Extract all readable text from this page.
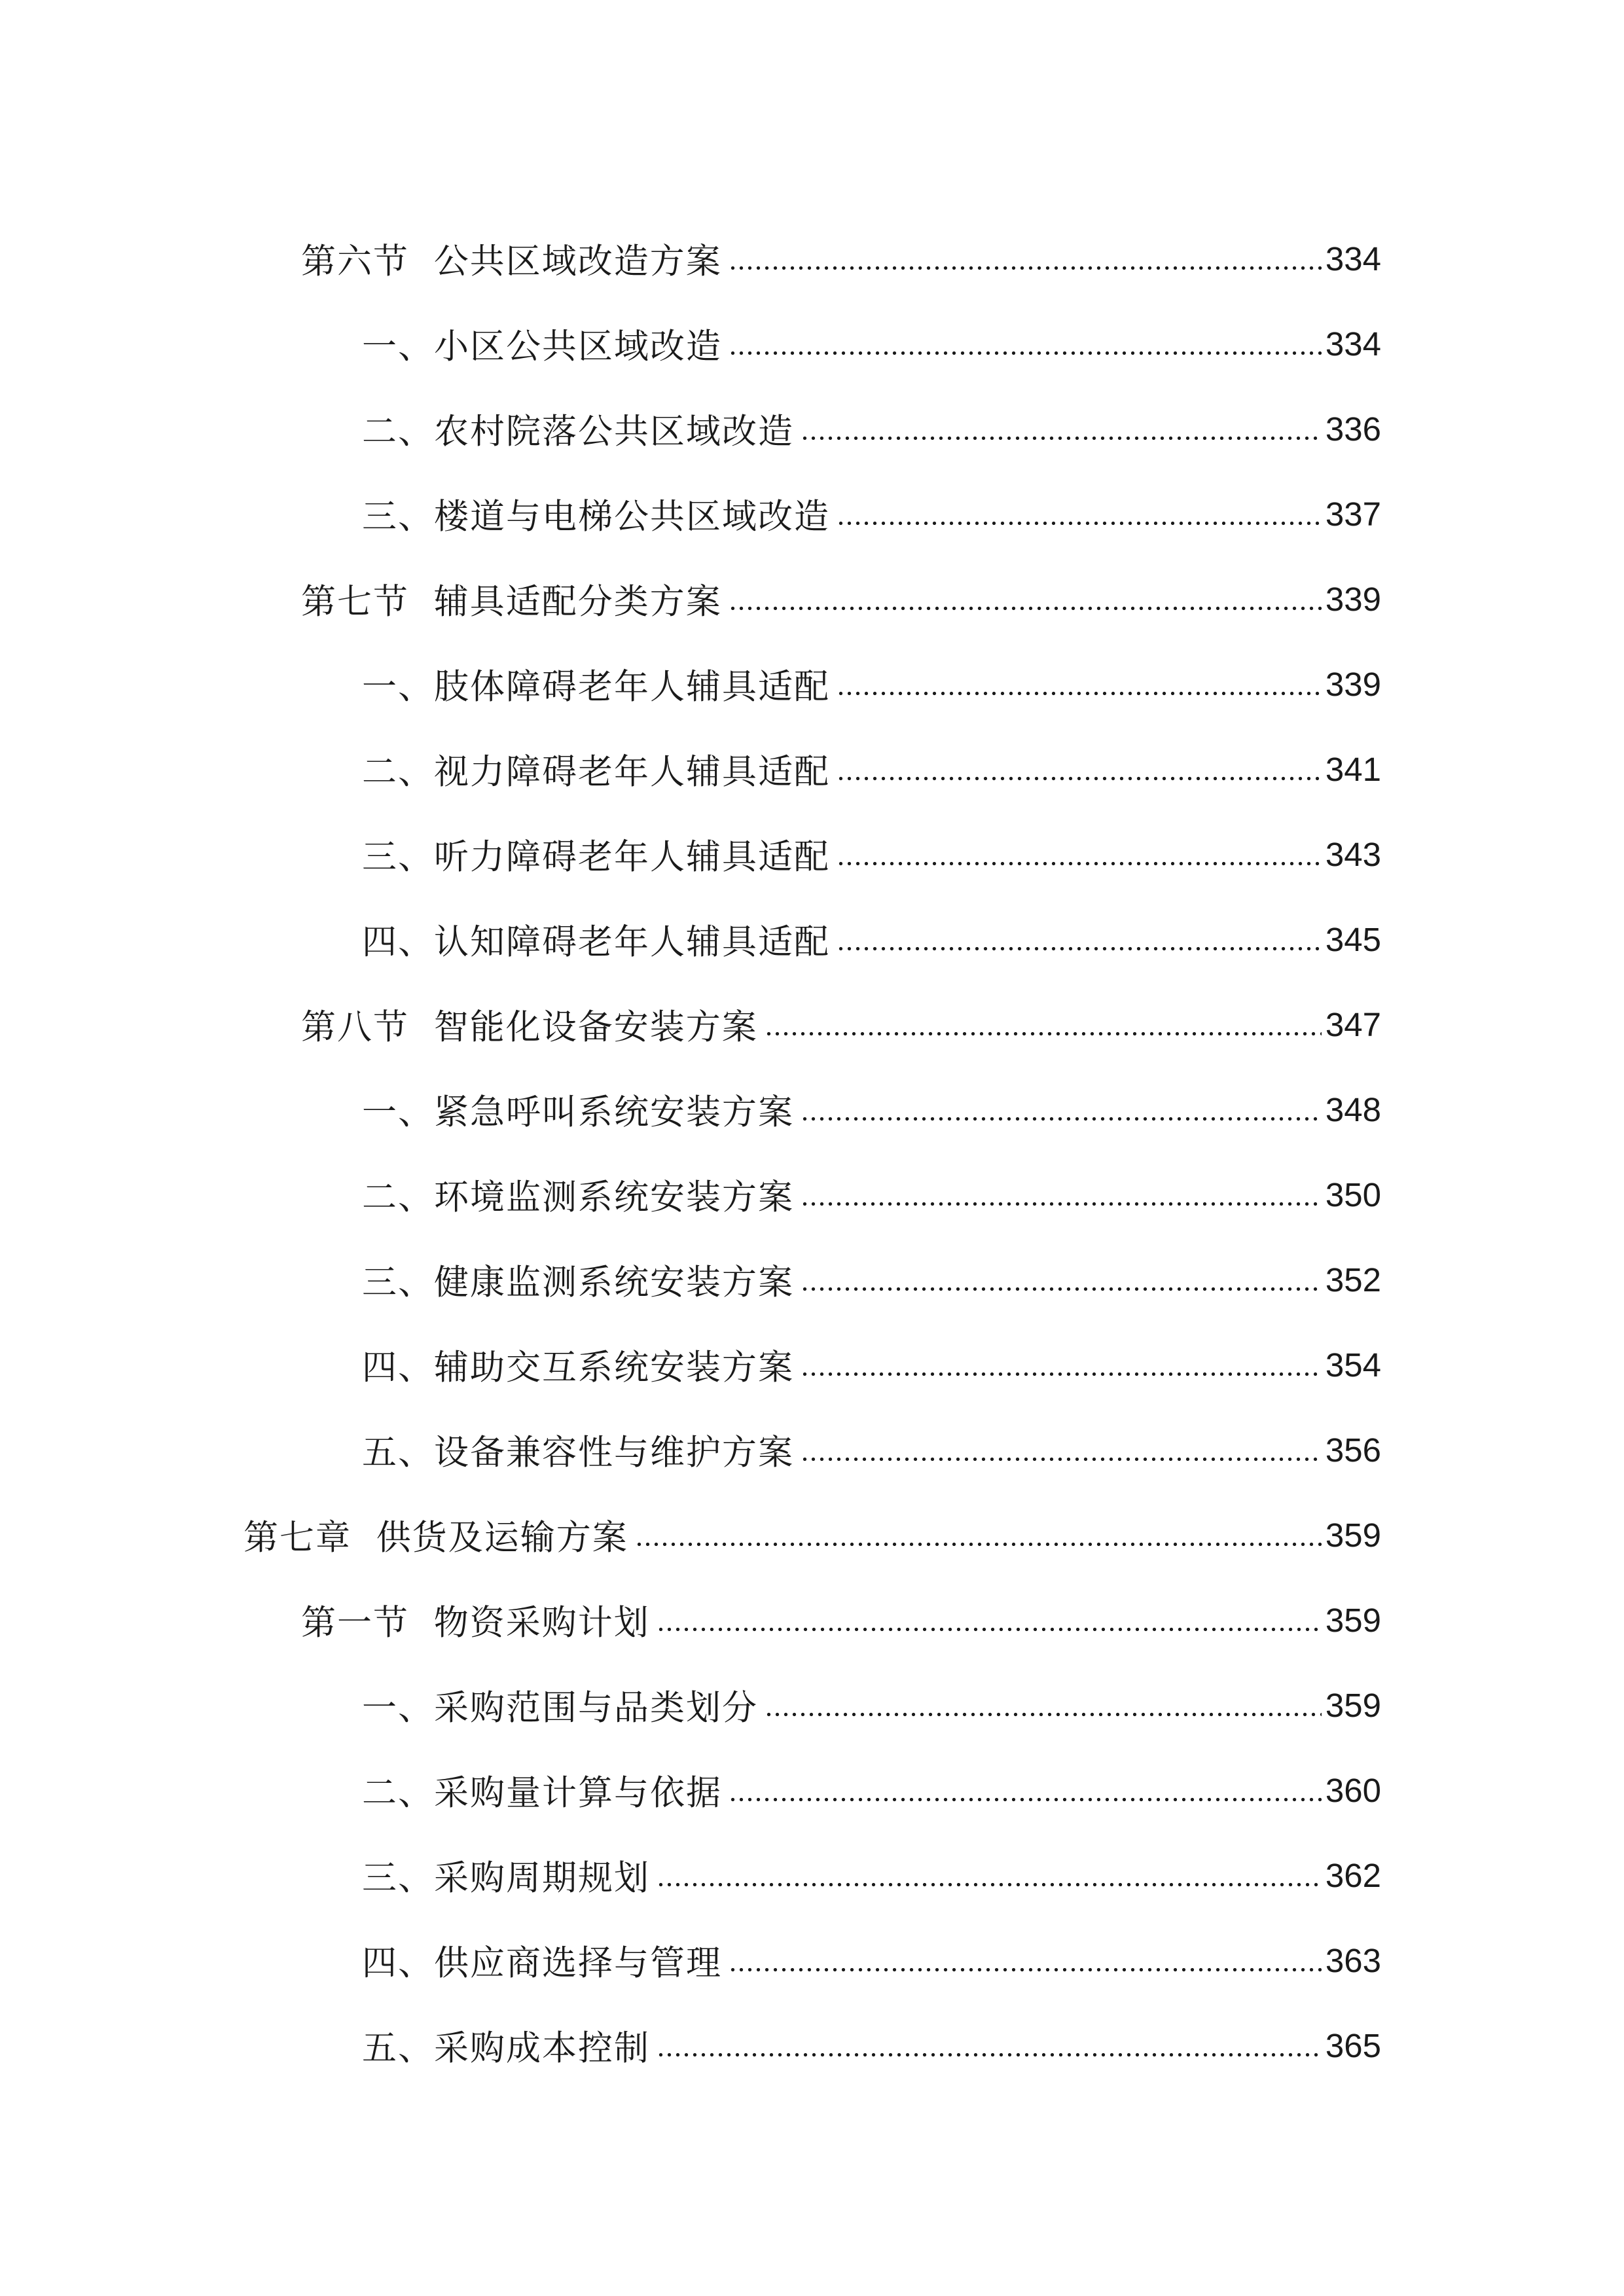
第六节  公共区域改造方案	334
一、小区公共区域改造	334
二、农村院落公共区域改造	336
三、楼道与电梯公共区域改造	337
第七节  辅具适配分类方案	339
一、肢体障碍老年人辅具适配	339
二、视力障碍老年人辅具适配	341
三、听力障碍老年人辅具适配	343
四、认知障碍老年人辅具适配	345
第八节  智能化设备安装方案	347
一、紧急呼叫系统安装方案	348
二、环境监测系统安装方案	350
三、健康监测系统安装方案	352
四、辅助交互系统安装方案	354
五、设备兼容性与维护方案	356
第七章  供货及运输方案	359
第一节  物资采购计划	359
一、采购范围与品类划分	359
二、采购量计算与依据	360
三、采购周期规划	362
四、供应商选择与管理	363
五、采购成本控制	365
